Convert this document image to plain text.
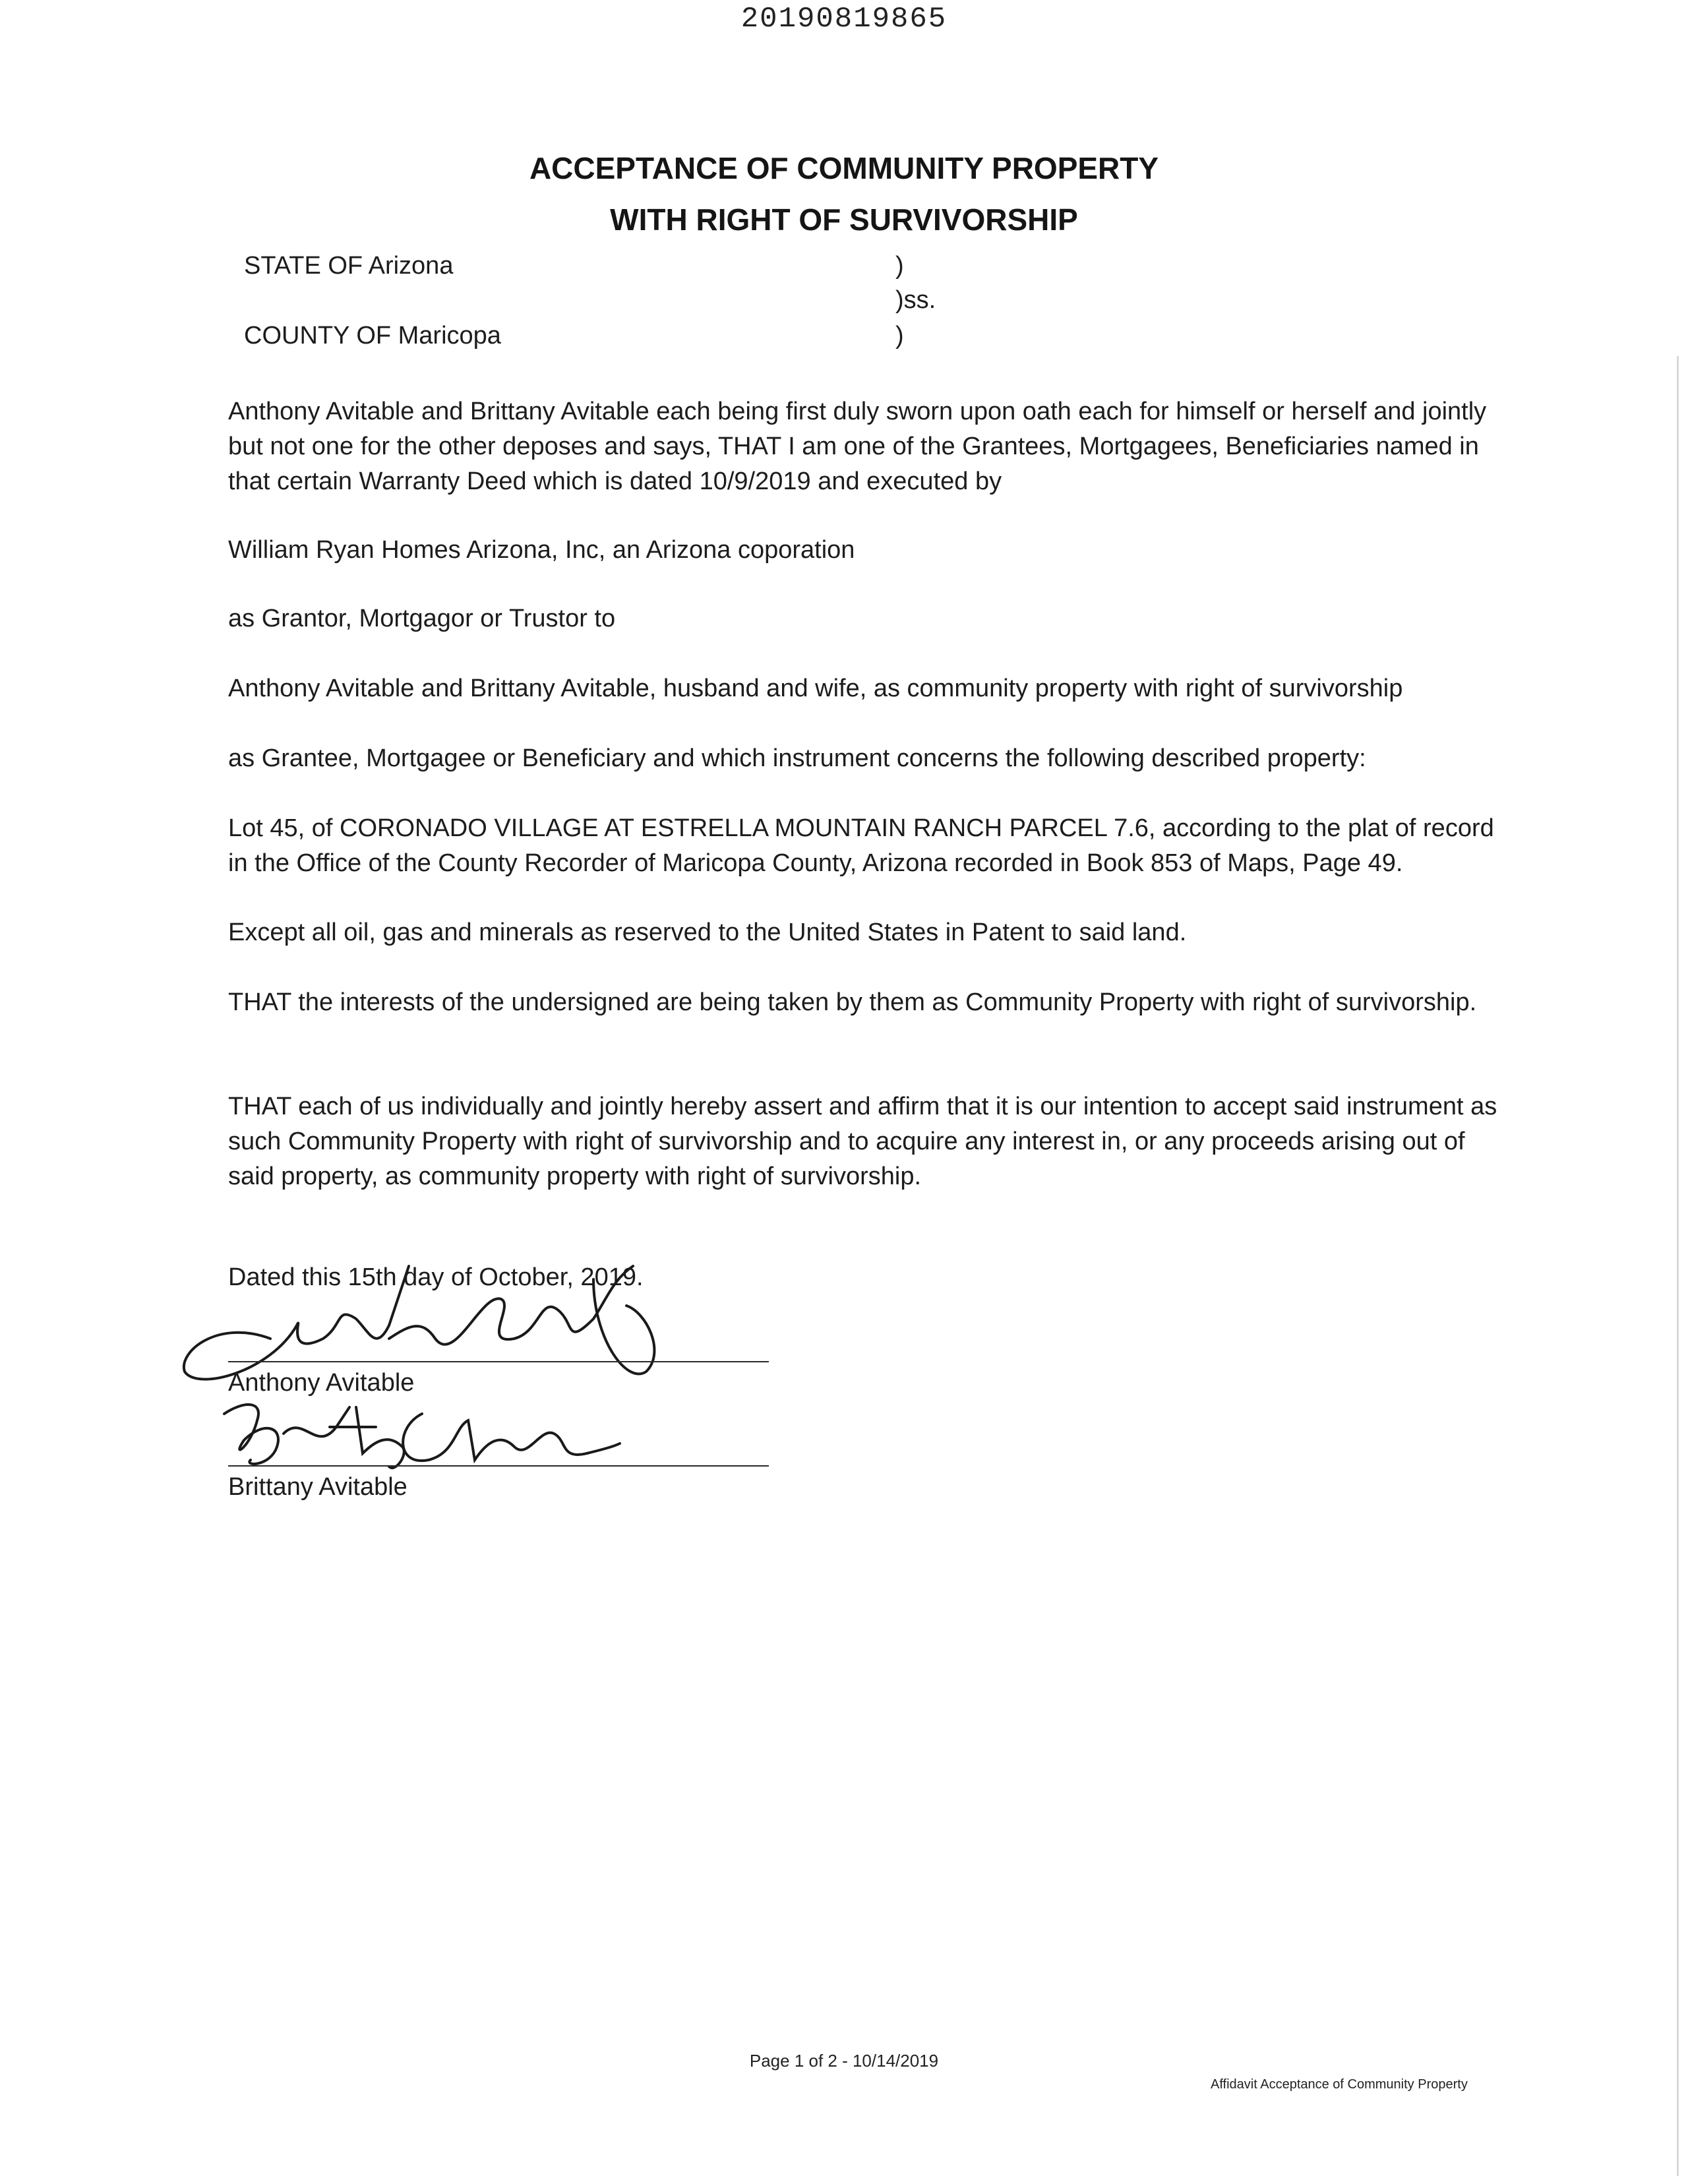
20190819865
ACCEPTANCE OF COMMUNITY PROPERTY
WITH RIGHT OF SURVIVORSHIP
STATE OF Arizona
COUNTY OF Maricopa
)
)ss.
)

Anthony Avitable and Brittany Avitable each being first duly sworn upon oath each for himself or herself and jointly but not one for the other deposes and says, THAT I am one of the Grantees, Mortgagees, Beneficiaries named in that certain Warranty Deed which is dated 10/9/2019 and executed by

William Ryan Homes Arizona, Inc, an Arizona coporation

as Grantor, Mortgagor or Trustor to

Anthony Avitable and Brittany Avitable, husband and wife, as community property with right of survivorship

as Grantee, Mortgagee or Beneficiary and which instrument concerns the following described property:

Lot 45, of CORONADO VILLAGE AT ESTRELLA MOUNTAIN RANCH PARCEL 7.6, according to the plat of record in the Office of the County Recorder of Maricopa County, Arizona recorded in Book 853 of Maps, Page 49.

Except all oil, gas and minerals as reserved to the United States in Patent to said land.

THAT the interests of the undersigned are being taken by them as Community Property with right of survivorship.

THAT each of us individually and jointly hereby assert and affirm that it is our intention to accept said instrument as such Community Property with right of survivorship and to acquire any interest in, or any proceeds arising out of said property, as community property with right of survivorship.

Dated this 15th day of October, 2019.
Anthony Avitable
Brittany Avitable
Page 1 of 2 - 10/14/2019
Affidavit Acceptance of Community Property
